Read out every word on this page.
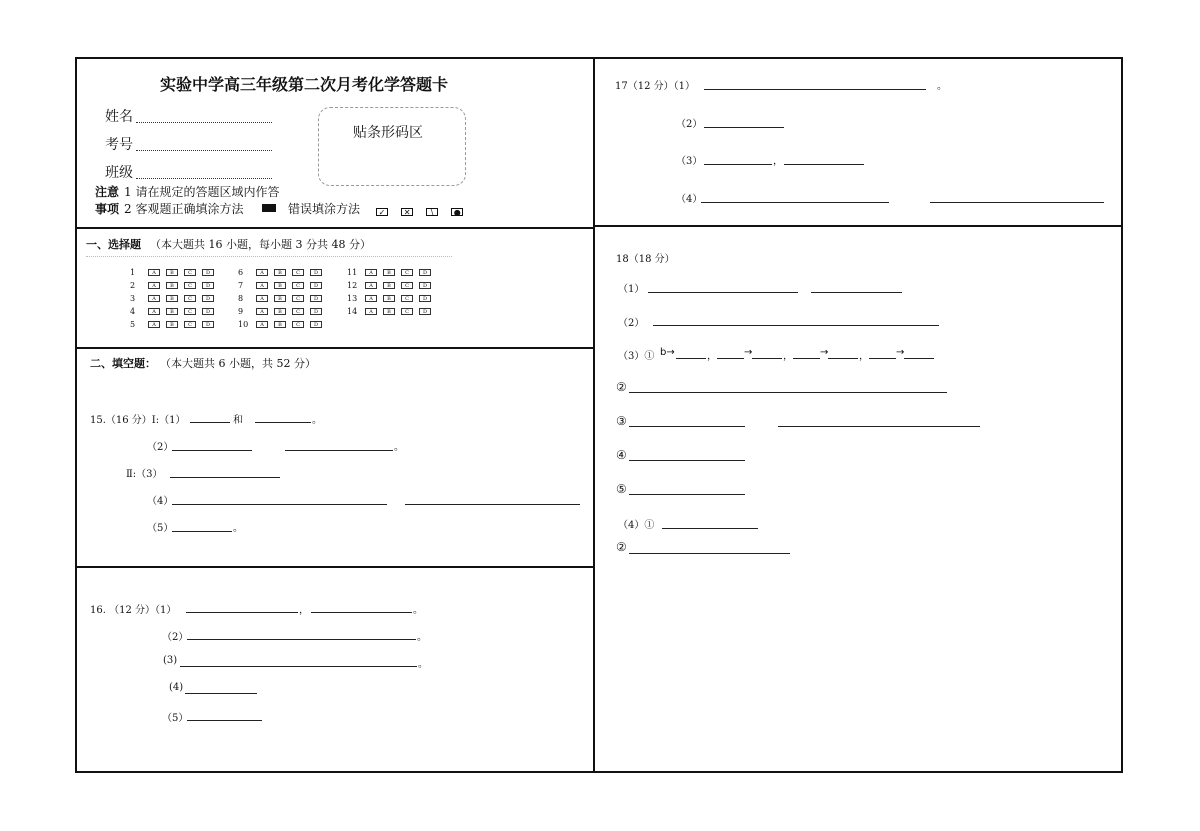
实验中学高三年级第二次月考化学答题卡
姓名
考号
班级
贴条形码区
注意 1 请在规定的答题区域内作答
事项 2 客观题正确填涂方法	错误填涂方法	✓ ✕	\	●
一、选择题 （本大题共 16 小题，每小题 3 分共 48 分）
1	A	B	C	D
2	A	B	C	D
3	A	B	C	D
4	A	B	C	D
5	A	B	C	D
6	A	B	C	D
7	A	B	C	D
8	A	B	C	D
9	A	B	C	D
10	A	B	C	D
11	A	B	C	D
12	A	B	C	D
13	A	B	C	D
14	A	B	C	D
二、填空题： （本大题共 6 小题，共 52 分）
15.（16 分）Ⅰ:（1）	和	。
（2）	。
Ⅱ:（3）
（4）
（5）	。
16. （12 分）（1）	，	。
（2）	。
(3)	。
(4)
（5）
17（12 分）（1）	。
（2）
（3）	，
（4）
18（18 分）
（1）
（2）
（3）① b→	，	→	，	→	，	→
②
③
④
⑤
（4）①
②
